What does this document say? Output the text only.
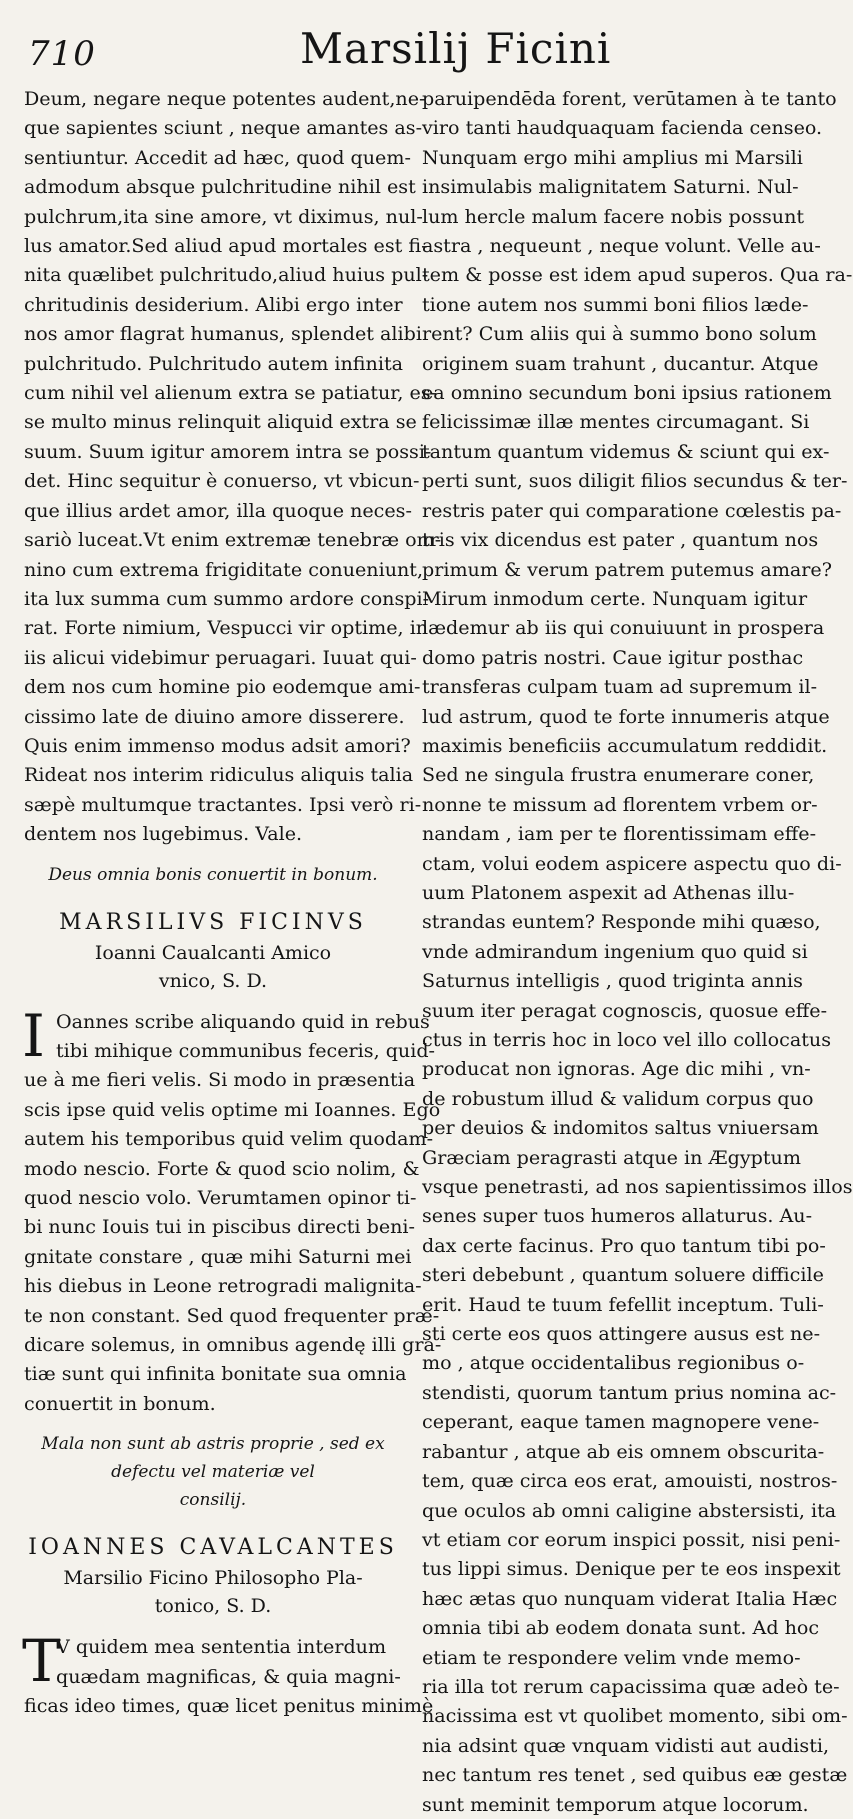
710	Marsilij Ficini
Deum, negare neque potentes audent,ne-
que sapientes sciunt , neque amantes as-
sentiuntur. Accedit ad hæc, quod quem-
admodum absque pulchritudine nihil est
pulchrum,ita sine amore, vt diximus, nul-
lus amator.Sed aliud apud mortales est fi-
nita quælibet pulchritudo,aliud huius pul-
chritudinis desiderium. Alibi ergo inter
nos amor flagrat humanus, splendet alibi
pulchritudo. Pulchritudo autem infinita
cum nihil vel alienum extra se patiatur, es-
se multo minus relinquit aliquid extra se
suum. Suum igitur amorem intra se possi-
det. Hinc sequitur è conuerso, vt vbicun-
que illius ardet amor, illa quoque neces-
sariò luceat.Vt enim extremæ tenebræ om-
nino cum extrema frigiditate conueniunt,
ita lux summa cum summo ardore conspi-
rat. Forte nimium, Vespucci vir optime, in
iis alicui videbimur peruagari. Iuuat qui-
dem nos cum homine pio eodemque ami-
cissimo late de diuino amore disserere.
Quis enim immenso modus adsit amori?
Rideat nos interim ridiculus aliquis talia
sæpè multumque tractantes. Ipsi verò ri-
dentem nos lugebimus. Vale.
Deus omnia bonis conuertit in bonum.
MARSILIVS FICINVS
Ioanni Caualcanti Amico
vnico, S. D.
I Oannes scribe aliquando quid in rebus
tibi mihique communibus feceris, quid-
ue à me fieri velis. Si modo in præsentia
scis ipse quid velis optime mi Ioannes. Ego
autem his temporibus quid velim quodam-
modo nescio. Forte & quod scio nolim, &
quod nescio volo. Verumtamen opinor ti-
bi nunc Iouis tui in piscibus directi beni-
gnitate constare , quæ mihi Saturni mei
his diebus in Leone retrogradi malignita-
te non constant. Sed quod frequenter præ-
dicare solemus, in omnibus agendę illi gra-
tiæ sunt qui infinita bonitate sua omnia
conuertit in bonum.
Mala non sunt ab astris proprie , sed ex
defectu vel materiæ vel
consilij.
IOANNES CAVALCANTES
Marsilio Ficino Philosopho Pla-
tonico, S. D.
T
V quidem mea sententia interdum
quædam magnificas, & quia magni-
ficas ideo times, quæ licet penitus minimè
paruipendēda forent, verūtamen à te tanto
viro tanti haudquaquam facienda censeo.
Nunquam ergo mihi amplius mi Marsili
insimulabis malignitatem Saturni. Nul-
lum hercle malum facere nobis possunt
astra , nequeunt , neque volunt. Velle au-
tem & posse est idem apud superos. Qua ra-
tione autem nos summi boni filios læde-
rent? Cum aliis qui à summo bono solum
originem suam trahunt , ducantur. Atque
ea omnino secundum boni ipsius rationem
felicissimæ illæ mentes circumagant. Si
tantum quantum videmus & sciunt qui ex-
perti sunt, suos diligit filios secundus & ter-
restris pater qui comparatione cœlestis pa-
tris vix dicendus est pater , quantum nos
primum & verum patrem putemus amare?
Mirum inmodum certe. Nunquam igitur
lædemur ab iis qui conuiuunt in prospera
domo patris nostri. Caue igitur posthac
transferas culpam tuam ad supremum il-
lud astrum, quod te forte innumeris atque
maximis beneficiis accumulatum reddidit.
Sed ne singula frustra enumerare coner,
nonne te missum ad florentem vrbem or-
nandam , iam per te florentissimam effe-
ctam, volui eodem aspicere aspectu quo di-
uum Platonem aspexit ad Athenas illu-
strandas euntem? Responde mihi quæso,
vnde admirandum ingenium quo quid si
Saturnus intelligis , quod triginta annis
suum iter peragat cognoscis, quosue effe-
ctus in terris hoc in loco vel illo collocatus
producat non ignoras. Age dic mihi , vn-
de robustum illud & validum corpus quo
per deuios & indomitos saltus vniuersam
Græciam peragrasti atque in Ægyptum
vsque penetrasti, ad nos sapientissimos illos
senes super tuos humeros allaturus. Au-
dax certe facinus. Pro quo tantum tibi po-
steri debebunt , quantum soluere difficile
erit. Haud te tuum fefellit inceptum. Tuli-
sti certe eos quos attingere ausus est ne-
mo , atque occidentalibus regionibus o-
stendisti, quorum tantum prius nomina ac-
ceperant, eaque tamen magnopere vene-
rabantur , atque ab eis omnem obscurita-
tem, quæ circa eos erat, amouisti, nostros-
que oculos ab omni caligine abstersisti, ita
vt etiam cor eorum inspici possit, nisi peni-
tus lippi simus. Denique per te eos inspexit
hæc ætas quo nunquam viderat Italia Hæc
omnia tibi ab eodem donata sunt. Ad hoc
etiam te respondere velim vnde memo-
ria illa tot rerum capacissima quæ adeò te-
nacissima est vt quolibet momento, sibi om-
nia adsint quæ vnquam vidisti aut audisti,
nec tantum res tenet , sed quibus eæ gestæ
sunt meminit temporum atque locorum.
